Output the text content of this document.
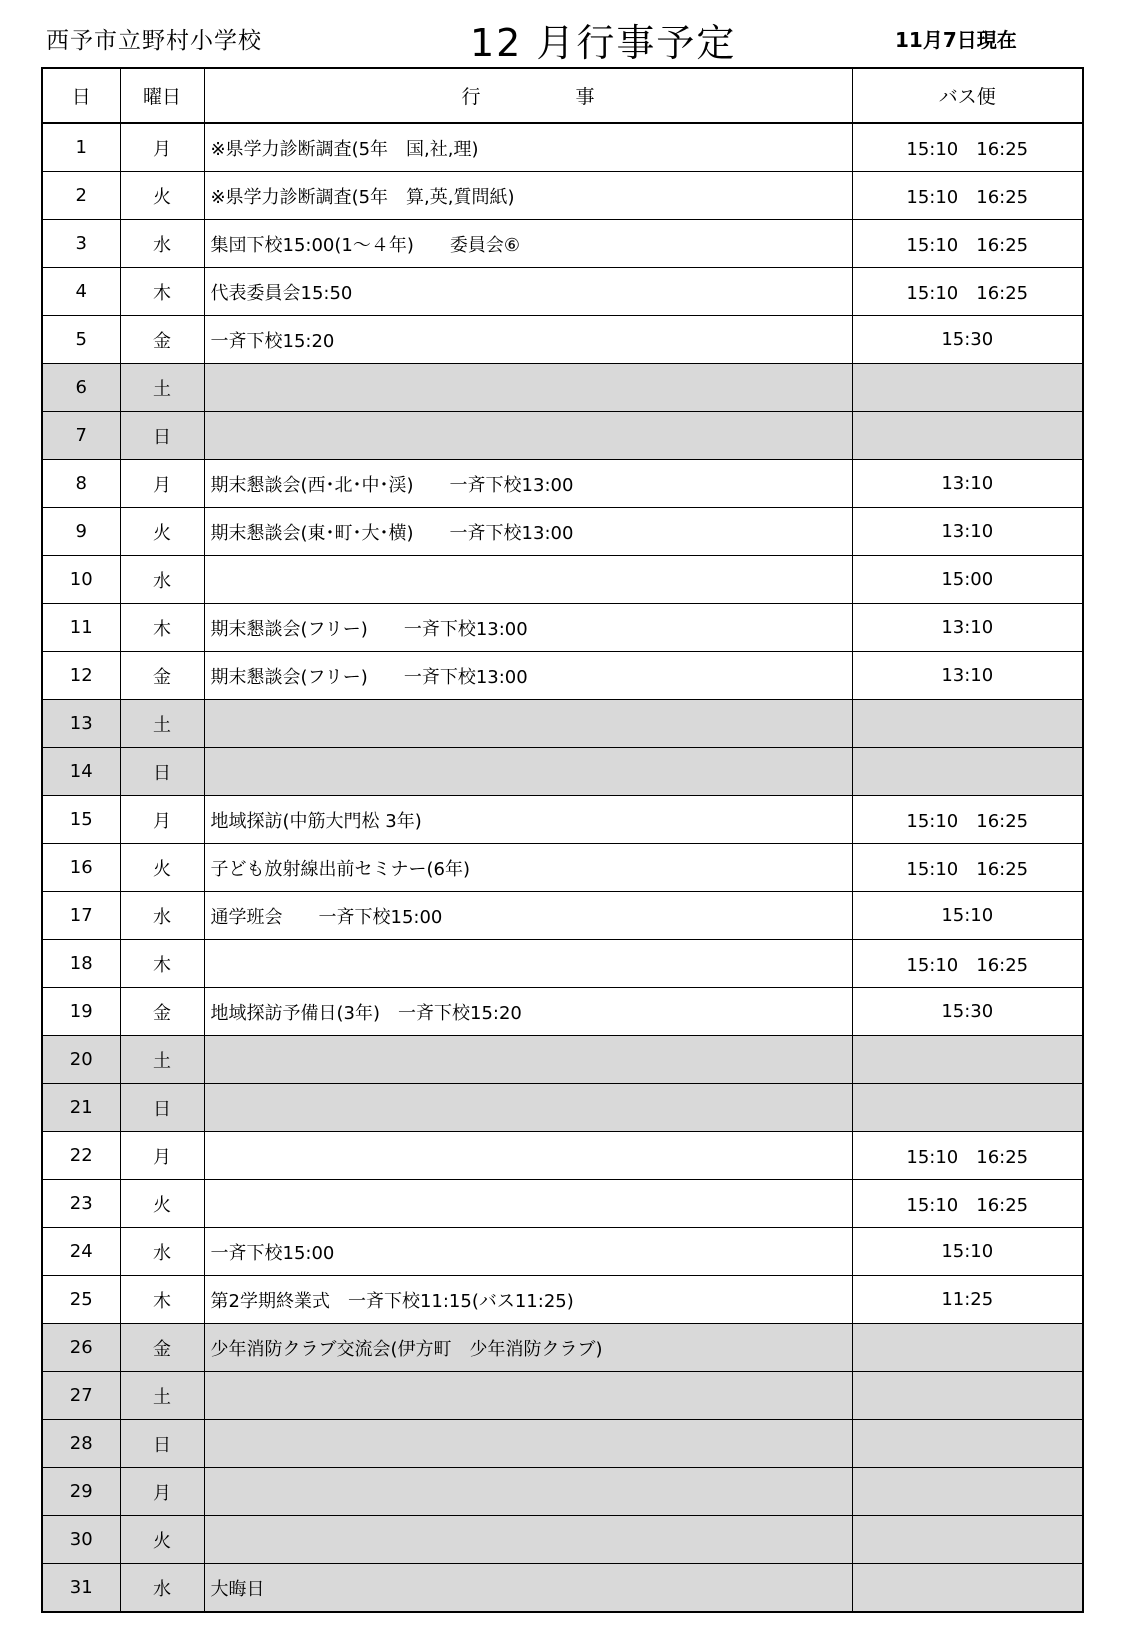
西予市立野村小学校	12 月行事予定	11月7日現在
日	曜日	行　　　　　事	バス便
1	月	※県学力診断調査(5年　国,社,理)	15:10　16:25
2	火	※県学力診断調査(5年　算,英,質問紙)	15:10　16:25
3	水	集団下校15:00(1～４年)　　委員会⑥	15:10　16:25
4	木	代表委員会15:50	15:10　16:25
5	金	一斉下校15:20	15:30
6	土		
7	日		
8	月	期末懇談会(西･北･中･渓)　　一斉下校13:00	13:10
9	火	期末懇談会(東･町･大･横)　　一斉下校13:00	13:10
10	水		15:00
11	木	期末懇談会(フリー)　　一斉下校13:00	13:10
12	金	期末懇談会(フリー)　　一斉下校13:00	13:10
13	土		
14	日		
15	月	地域探訪(中筋大門松 3年)	15:10　16:25
16	火	子ども放射線出前セミナー(6年)	15:10　16:25
17	水	通学班会　　一斉下校15:00	15:10
18	木		15:10　16:25
19	金	地域探訪予備日(3年)　一斉下校15:20	15:30
20	土		
21	日		
22	月		15:10　16:25
23	火		15:10　16:25
24	水	一斉下校15:00	15:10
25	木	第2学期終業式　一斉下校11:15(バス11:25)	11:25
26	金	少年消防クラブ交流会(伊方町　少年消防クラブ)	
27	土		
28	日		
29	月		
30	火		
31	水	大晦日	
